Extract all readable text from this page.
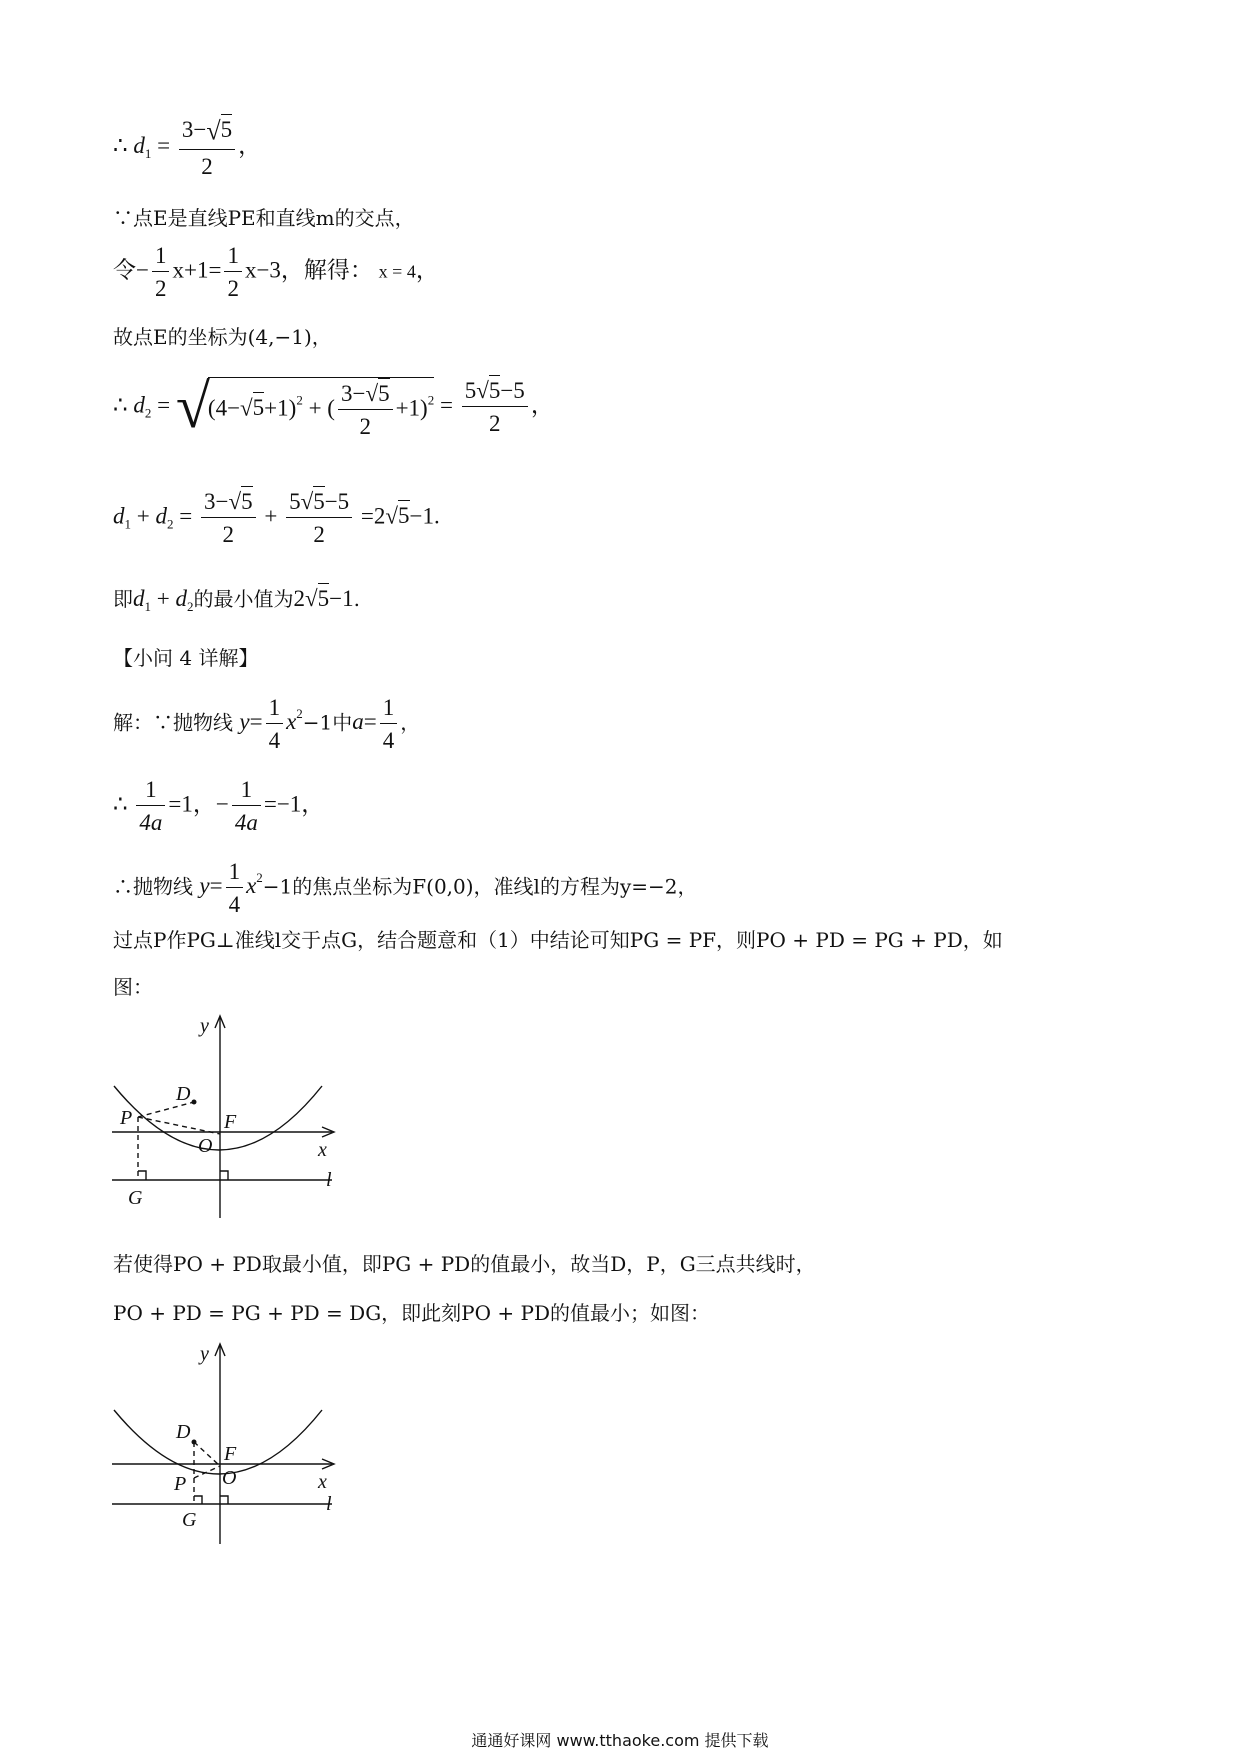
∴ $d_1 = \frac{3-√5}{2}$ ，
∵点E是直线PE和直线m的交点，
令− $\frac{1}{2} x+1= \frac{1}{2} x-3$，解得： x = 4，
故点E的坐标为(4,−1)，
∴ $d_2 = √(4-√5+1)^2$ + ( $\frac{3-√5}{2} +1)^2 = \frac{5√5-5}{2}$ ，
$d_1 + d_2 = \frac{3-√5}{2} + \frac{5√5-5}{2} =2√5-1$.
即$d_1 + d_2$的最小值为2√5−1.
【小问 4 详解】
解：∵抛物线 $y= \frac{1}{4} x^2-1$中$a= \frac{1}{4}$ ，
∴ $\frac{1}{4a} =1$，− $\frac{1}{4a} =-1$，
∴抛物线 $y= \frac{1}{4} x^2-1$的焦点坐标为F(0,0)，准线l的方程为y=−2，
过点P作PG⊥准线l交于点G，结合题意和（1）中结论可知PG = PF，则PO + PD = PG + PD，如
图：
y
x
O
F
P
D
G
l
若使得PO + PD取最小值，即PG + PD的值最小，故当D，P，G三点共线时，
PO + PD = PG + PD = DG，即此刻PO + PD的值最小；如图：
y
x
O
F
P
D
G
l
通通好课网 www.tthaoke.com 提供下载
